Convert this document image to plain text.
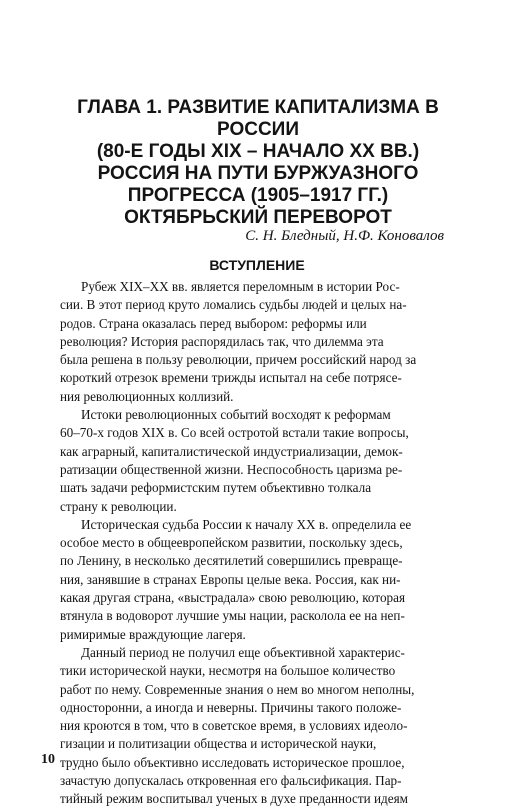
ГЛАВА 1. РАЗВИТИЕ КАПИТАЛИЗМА В
РОССИИ
(80-Е ГОДЫ XIX – НАЧАЛО XX ВВ.)
РОССИЯ НА ПУТИ БУРЖУАЗНОГО
ПРОГРЕССА (1905–1917 ГГ.)
ОКТЯБРЬСКИЙ ПЕРЕВОРОТ
С. Н. Бледный, Н.Ф. Коновалов
ВСТУПЛЕНИЕ

Рубеж XIX–XX вв. является переломным в истории Рос-
сии. В этот период круто ломались судьбы людей и целых на-
родов. Страна оказалась перед выбором: реформы или
революция? История распорядилась так, что дилемма эта
была решена в пользу революции, причем российский народ за
короткий отрезок времени трижды испытал на себе потрясе-
ния революционных коллизий.

Истоки революционных событий восходят к реформам
60–70-х годов XIX в. Со всей остротой встали такие вопросы,
как аграрный, капиталистической индустриализации, демок-
ратизации общественной жизни. Неспособность царизма ре-
шать задачи реформистским путем объективно толкала
страну к революции.

Историческая судьба России к началу XX в. определила ее
особое место в общеевропейском развитии, поскольку здесь,
по Ленину, в несколько десятилетий совершились превраще-
ния, занявшие в странах Европы целые века. Россия, как ни-
какая другая страна, «выстрадала» свою революцию, которая
втянула в водоворот лучшие умы нации, расколола ее на неп-
римиримые враждующие лагеря.

Данный период не получил еще объективной характерис-
тики исторической науки, несмотря на большое количество
работ по нему. Современные знания о нем во многом неполны,
односторонни, а иногда и неверны. Причины такого положе-
ния кроются в том, что в советское время, в условиях идеоло-
гизации и политизации общества и исторической науки,
трудно было объективно исследовать историческое прошлое,
зачастую допускалась откровенная его фальсификация. Пар-
тийный режим воспитывал ученых в духе преданности идеям

10
